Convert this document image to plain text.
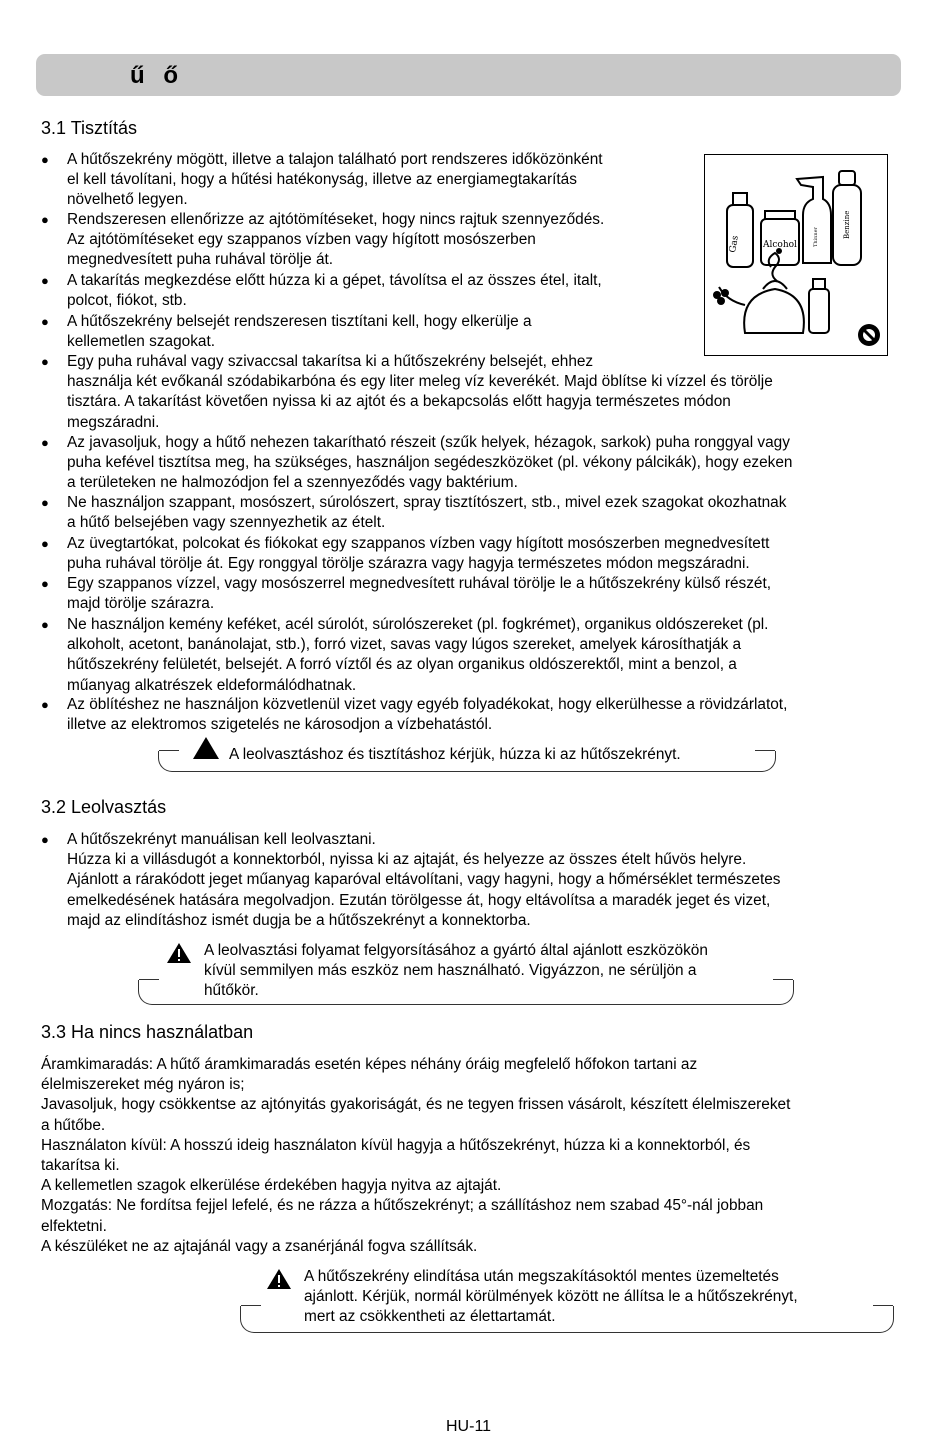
ű ő
3.1 Tisztítás
● A hűtőszekrény mögött, illetve a talajon található port rendszeres időközönként
el kell távolítani, hogy a hűtési hatékonyság, illetve az energiamegtakarítás
növelhető legyen.
● Rendszeresen ellenőrizze az ajtótömítéseket, hogy nincs rajtuk szennyeződés.
Az ajtótömítéseket egy szappanos vízben vagy hígított mosószerben
megnedvesített puha ruhával törölje át.
● A takarítás megkezdése előtt húzza ki a gépet, távolítsa el az összes étel, italt,
polcot, fiókot, stb.
● A hűtőszekrény belsejét rendszeresen tisztítani kell, hogy elkerülje a
kellemetlen szagokat.
● Egy puha ruhával vagy szivaccsal takarítsa ki a hűtőszekrény belsejét, ehhez
használja két evőkanál szódabikarbóna és egy liter meleg víz keverékét. Majd öblítse ki vízzel és törölje
tisztára. A takarítást követően nyissa ki az ajtót és a bekapcsolás előtt hagyja természetes módon
megszáradni.
● Az javasoljuk, hogy a hűtő nehezen takarítható részeit (szűk helyek, hézagok, sarkok) puha ronggyal vagy
puha kefével tisztítsa meg, ha szükséges, használjon segédeszközöket (pl. vékony pálcikák), hogy ezeken
a területeken ne halmozódjon fel a szennyeződés vagy baktérium.
● Ne használjon szappant, mosószert, súrolószert, spray tisztítószert, stb., mivel ezek szagokat okozhatnak
a hűtő belsejében vagy szennyezhetik az ételt.
● Az üvegtartókat, polcokat és fiókokat egy szappanos vízben vagy hígított mosószerben megnedvesített
puha ruhával törölje át. Egy ronggyal törölje szárazra vagy hagyja természetes módon megszáradni.
● Egy szappanos vízzel, vagy mosószerrel megnedvesített ruhával törölje le a hűtőszekrény külső részét,
majd törölje szárazra.
● Ne használjon kemény keféket, acél súrolót, súrolószereket (pl. fogkrémet), organikus oldószereket (pl.
alkoholt, acetont, banánolajat, stb.), forró vizet, savas vagy lúgos szereket, amelyek károsíthatják a
hűtőszekrény felületét, belsejét. A forró víztől és az olyan organikus oldószerektől, mint a benzol, a
műanyag alkatrészek eldeformálódhatnak.
● Az öblítéshez ne használjon közvetlenül vizet vagy egyéb folyadékokat, hogy elkerülhesse a rövidzárlatot,
illetve az elektromos szigetelés ne károsodjon a vízbehatástól.
Gas Alcohol	Thinner	Benzine
A leolvasztáshoz és tisztításhoz kérjük, húzza ki az hűtőszekrényt.
3.2 Leolvasztás
● A hűtőszekrényt manuálisan kell leolvasztani.
Húzza ki a villásdugót a konnektorból, nyissa ki az ajtaját, és helyezze az összes ételt hűvös helyre.
Ajánlott a rárakódott jeget műanyag kaparóval eltávolítani, vagy hagyni, hogy a hőmérséklet természetes
emelkedésének hatására megolvadjon. Ezután törölgesse át, hogy eltávolítsa a maradék jeget és vizet,
majd az elindításhoz ismét dugja be a hűtőszekrényt a konnektorba.
A leolvasztási folyamat felgyorsításához a gyártó által ajánlott eszközökön
kívül semmilyen más eszköz nem használható. Vigyázzon, ne sérüljön a
hűtőkör.
3.3 Ha nincs használatban
Áramkimaradás: A hűtő áramkimaradás esetén képes néhány óráig megfelelő hőfokon tartani az
élelmiszereket még nyáron is;
Javasoljuk, hogy csökkentse az ajtónyitás gyakoriságát, és ne tegyen frissen vásárolt, készített élelmiszereket
a hűtőbe.
Használaton kívül: A hosszú ideig használaton kívül hagyja a hűtőszekrényt, húzza ki a konnektorból, és
takarítsa ki.
A kellemetlen szagok elkerülése érdekében hagyja nyitva az ajtaját.
Mozgatás: Ne fordítsa fejjel lefelé, és ne rázza a hűtőszekrényt; a szállításhoz nem szabad 45°-nál jobban
elfektetni.
A készüléket ne az ajtajánál vagy a zsanérjánál fogva szállítsák.
A hűtőszekrény elindítása után megszakításoktól mentes üzemeltetés
ajánlott. Kérjük, normál körülmények között ne állítsa le a hűtőszekrényt,
mert az csökkentheti az élettartamát.
HU-11
